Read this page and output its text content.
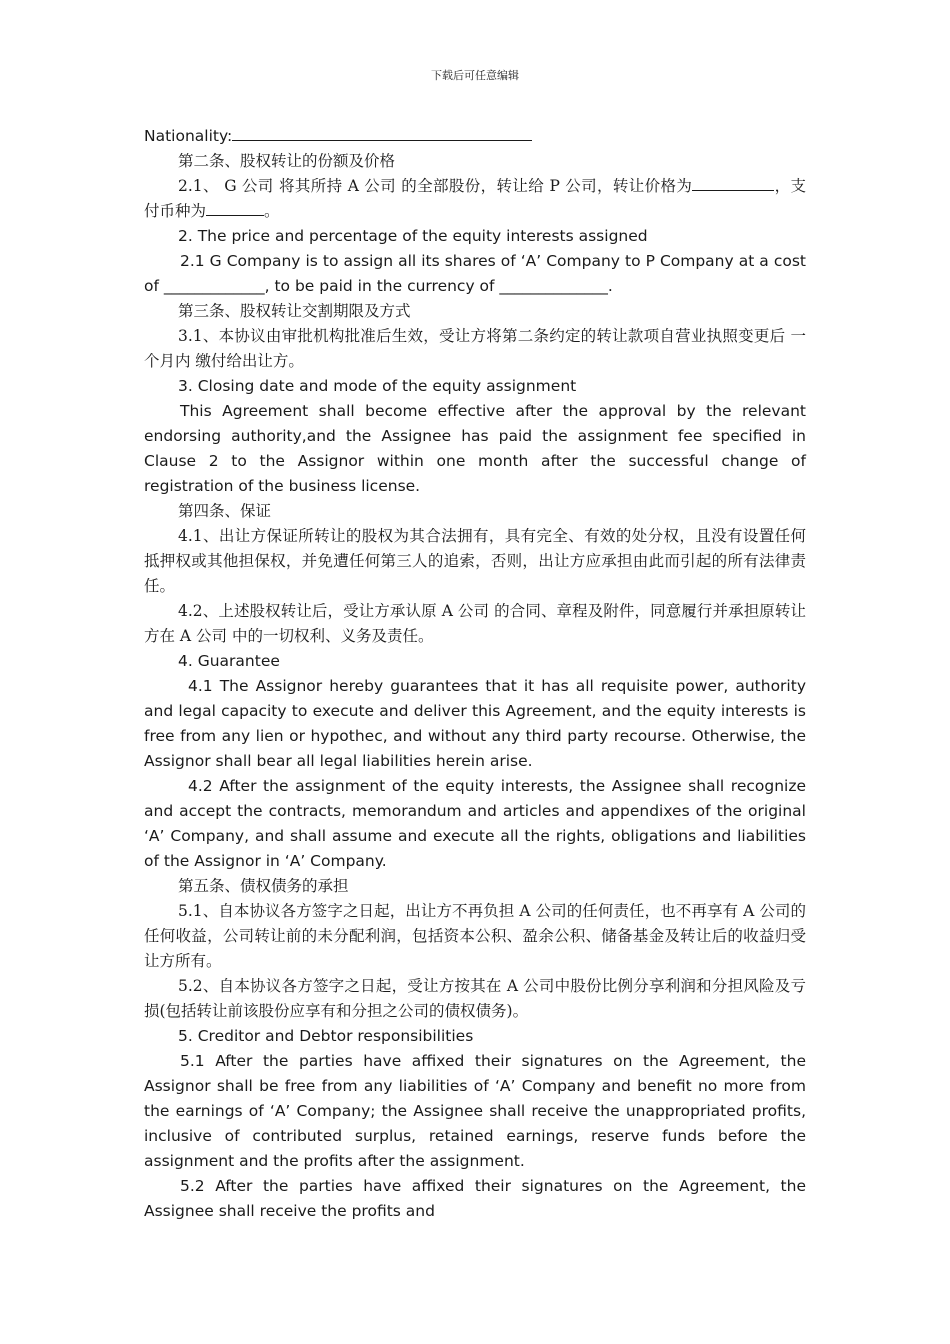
下载后可任意编辑

Nationality:

第二条、股权转让的份额及价格

2.1、 G 公司 将其所持 A 公司 的全部股份，转让给 P 公司，转让价格为	，支付币种为	。

2. The price and percentage of the equity interests assigned

2.1 G Company is to assign all its shares of ‘A’ Company to P Company at a cost of _____________, to be paid in the currency of ______________.

第三条、股权转让交割期限及方式

3.1、本协议由审批机构批准后生效，受让方将第二条约定的转让款项自营业执照变更后 一个月内 缴付给出让方。

3. Closing date and mode of the equity assignment

This Agreement shall become effective after the approval by the relevant endorsing authority,and the Assignee has paid the assignment fee specified in Clause 2 to the Assignor within one month after the successful change of registration of the business license.

第四条、保证

4.1、出让方保证所转让的股权为其合法拥有，具有完全、有效的处分权，且没有设置任何抵押权或其他担保权，并免遭任何第三人的追索，否则，出让方应承担由此而引起的所有法律责任。

4.2、上述股权转让后，受让方承认原 A 公司 的合同、章程及附件，同意履行并承担原转让方在 A 公司 中的一切权利、义务及责任。

4. Guarantee

4.1 The Assignor hereby guarantees that it has all requisite power, authority and legal capacity to execute and deliver this Agreement, and the equity interests is free from any lien or hypothec, and without any third party recourse. Otherwise, the Assignor shall bear all legal liabilities herein arise.

4.2 After the assignment of the equity interests, the Assignee shall recognize and accept the contracts, memorandum and articles and appendixes of the original ‘A’ Company, and shall assume and execute all the rights, obligations and liabilities of the Assignor in ‘A’ Company.

第五条、债权债务的承担

5.1、自本协议各方签字之日起，出让方不再负担 A 公司的任何责任，也不再享有 A 公司的任何收益，公司转让前的未分配利润，包括资本公积、盈余公积、储备基金及转让后的收益归受让方所有。

5.2、自本协议各方签字之日起，受让方按其在 A 公司中股份比例分享利润和分担风险及亏损(包括转让前该股份应享有和分担之公司的债权债务)。

5. Creditor and Debtor responsibilities

5.1 After the parties have affixed their signatures on the Agreement, the Assignor shall be free from any liabilities of ‘A’ Company and benefit no more from the earnings of ‘A’ Company; the Assignee shall receive the unappropriated profits, inclusive of contributed surplus, retained earnings, reserve funds before the assignment and the profits after the assignment.

5.2 After the parties have affixed their signatures on the Agreement, the Assignee shall receive the profits and
